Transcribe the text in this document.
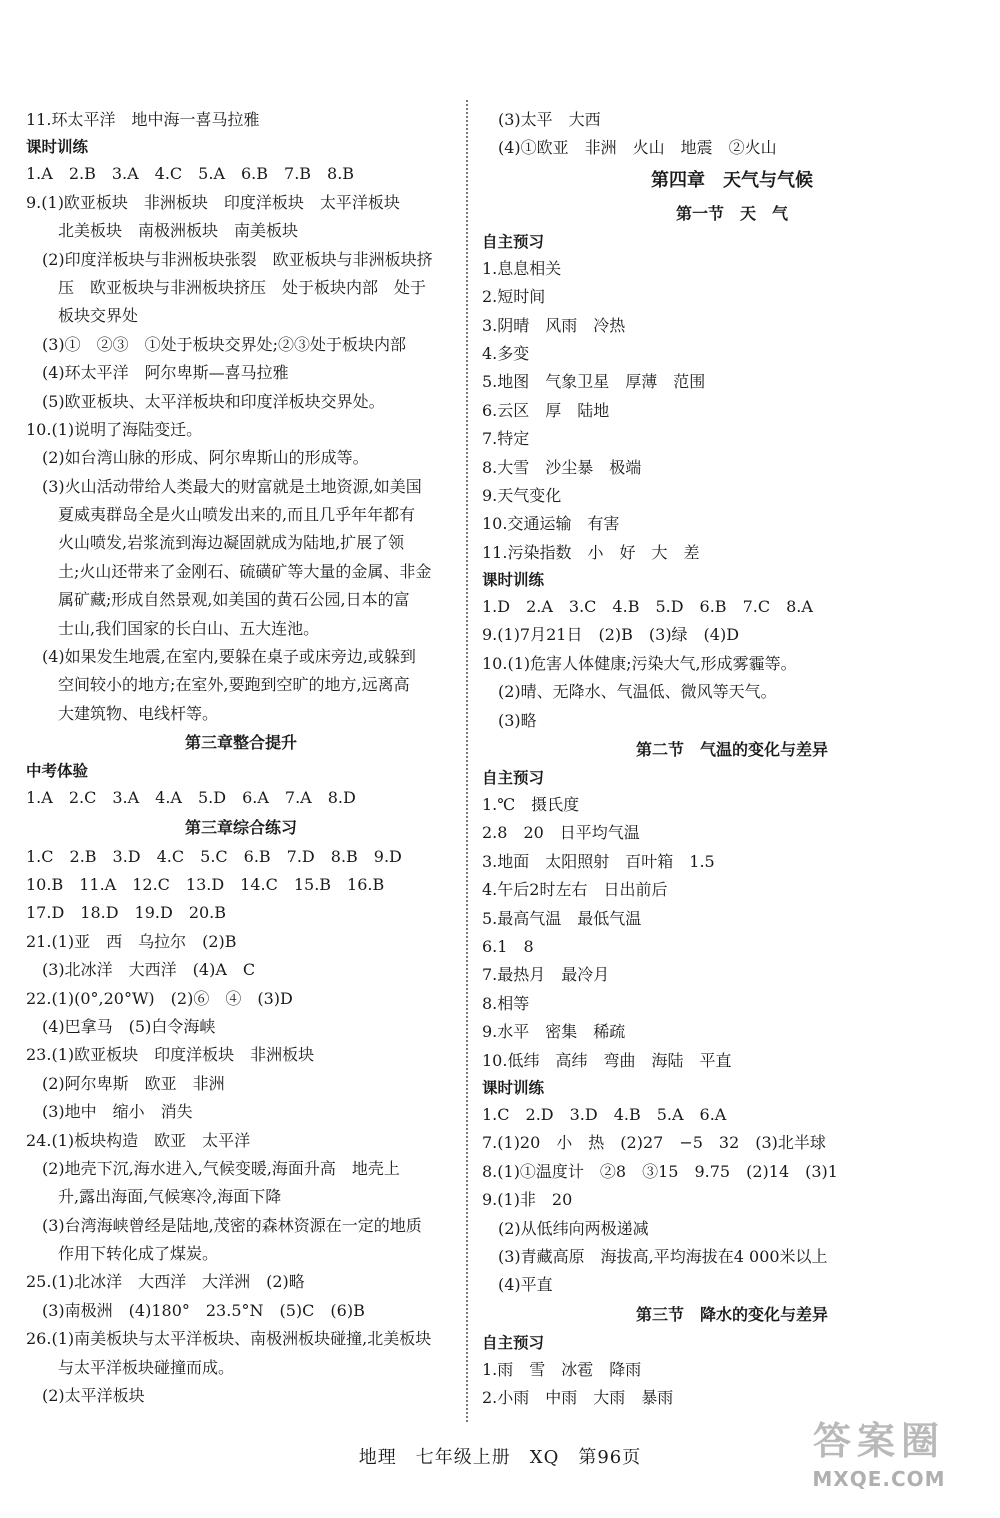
11.环太平洋　地中海一喜马拉雅
课时训练
1.A　2.B　3.A　4.C　5.A　6.B　7.B　8.B
9.(1)欧亚板块　非洲板块　印度洋板块　太平洋板块
　　北美板块　南极洲板块　南美板块
　(2)印度洋板块与非洲板块张裂　欧亚板块与非洲板块挤
　　压　欧亚板块与非洲板块挤压　处于板块内部　处于
　　板块交界处
　(3)①　②③　①处于板块交界处;②③处于板块内部
　(4)环太平洋　阿尔卑斯—喜马拉雅
　(5)欧亚板块、太平洋板块和印度洋板块交界处。
10.(1)说明了海陆变迁。
　(2)如台湾山脉的形成、阿尔卑斯山的形成等。
　(3)火山活动带给人类最大的财富就是土地资源,如美国
　　夏威夷群岛全是火山喷发出来的,而且几乎年年都有
　　火山喷发,岩浆流到海边凝固就成为陆地,扩展了领
　　土;火山还带来了金刚石、硫磺矿等大量的金属、非金
　　属矿藏;形成自然景观,如美国的黄石公园,日本的富
　　士山,我们国家的长白山、五大连池。
　(4)如果发生地震,在室内,要躲在桌子或床旁边,或躲到
　　空间较小的地方;在室外,要跑到空旷的地方,远离高
　　大建筑物、电线杆等。
第三章整合提升
中考体验
1.A　2.C　3.A　4.A　5.D　6.A　7.A　8.D
第三章综合练习
1.C　2.B　3.D　4.C　5.C　6.B　7.D　8.B　9.D
10.B　11.A　12.C　13.D　14.C　15.B　16.B
17.D　18.D　19.D　20.B
21.(1)亚　西　乌拉尔　(2)B
　(3)北冰洋　大西洋　(4)A　C
22.(1)(0°,20°W)　(2)⑥　④　(3)D
　(4)巴拿马　(5)白令海峡
23.(1)欧亚板块　印度洋板块　非洲板块
　(2)阿尔卑斯　欧亚　非洲
　(3)地中　缩小　消失
24.(1)板块构造　欧亚　太平洋
　(2)地壳下沉,海水进入,气候变暖,海面升高　地壳上
　　升,露出海面,气候寒冷,海面下降
　(3)台湾海峡曾经是陆地,茂密的森林资源在一定的地质
　　作用下转化成了煤炭。
25.(1)北冰洋　大西洋　大洋洲　(2)略
　(3)南极洲　(4)180°　23.5°N　(5)C　(6)B
26.(1)南美板块与太平洋板块、南极洲板块碰撞,北美板块
　　与太平洋板块碰撞而成。
　(2)太平洋板块
　(3)太平　大西
　(4)①欧亚　非洲　火山　地震　②火山
第四章　天气与气候
第一节　天　气
自主预习
1.息息相关
2.短时间
3.阴晴　风雨　冷热
4.多变
5.地图　气象卫星　厚薄　范围
6.云区　厚　陆地
7.特定
8.大雪　沙尘暴　极端
9.天气变化
10.交通运输　有害
11.污染指数　小　好　大　差
课时训练
1.D　2.A　3.C　4.B　5.D　6.B　7.C　8.A
9.(1)7月21日　(2)B　(3)绿　(4)D
10.(1)危害人体健康;污染大气,形成雾霾等。
　(2)晴、无降水、气温低、微风等天气。
　(3)略
第二节　气温的变化与差异
自主预习
1.℃　摄氏度
2.8　20　日平均气温
3.地面　太阳照射　百叶箱　1.5
4.午后2时左右　日出前后
5.最高气温　最低气温
6.1　8
7.最热月　最冷月
8.相等
9.水平　密集　稀疏
10.低纬　高纬　弯曲　海陆　平直
课时训练
1.C　2.D　3.D　4.B　5.A　6.A
7.(1)20　小　热　(2)27　−5　32　(3)北半球
8.(1)①温度计　②8　③15　9.75　(2)14　(3)1
9.(1)非　20
　(2)从低纬向两极递减
　(3)青藏高原　海拔高,平均海拔在4 000米以上
　(4)平直
第三节　降水的变化与差异
自主预习
1.雨　雪　冰雹　降雨
2.小雨　中雨　大雨　暴雨
地理　七年级上册　XQ　第96页	答案圈
MXQE.COM
